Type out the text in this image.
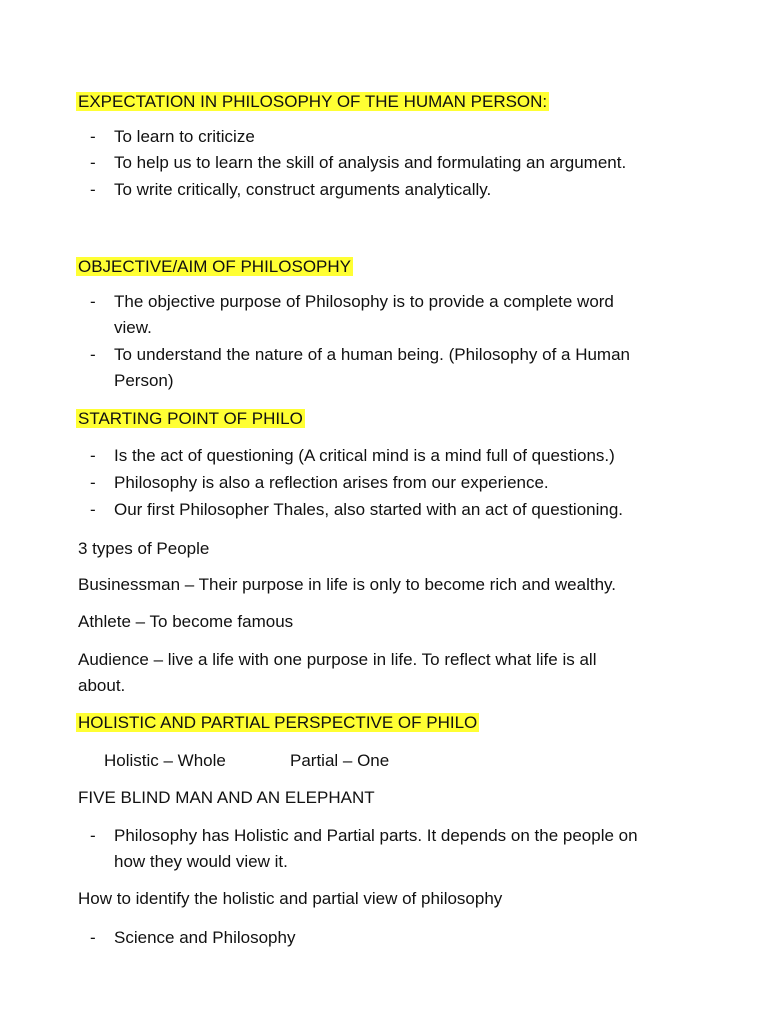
EXPECTATION IN PHILOSOPHY OF THE HUMAN PERSON:
- To learn to criticize
- To help us to learn the skill of analysis and formulating an argument.
- To write critically, construct arguments analytically.
OBJECTIVE/AIM OF PHILOSOPHY
- The objective purpose of Philosophy is to provide a complete word
view.
- To understand the nature of a human being. (Philosophy of a Human
Person)
STARTING POINT OF PHILO
- Is the act of questioning (A critical mind is a mind full of questions.)
- Philosophy is also a reflection arises from our experience.
- Our first Philosopher Thales, also started with an act of questioning.
3 types of People
Businessman – Their purpose in life is only to become rich and wealthy.
Athlete – To become famous
Audience – live a life with one purpose in life. To reflect what life is all
about.
HOLISTIC AND PARTIAL PERSPECTIVE OF PHILO
Holistic – Whole	Partial – One
FIVE BLIND MAN AND AN ELEPHANT
- Philosophy has Holistic and Partial parts. It depends on the people on
how they would view it.
How to identify the holistic and partial view of philosophy
- Science and Philosophy
